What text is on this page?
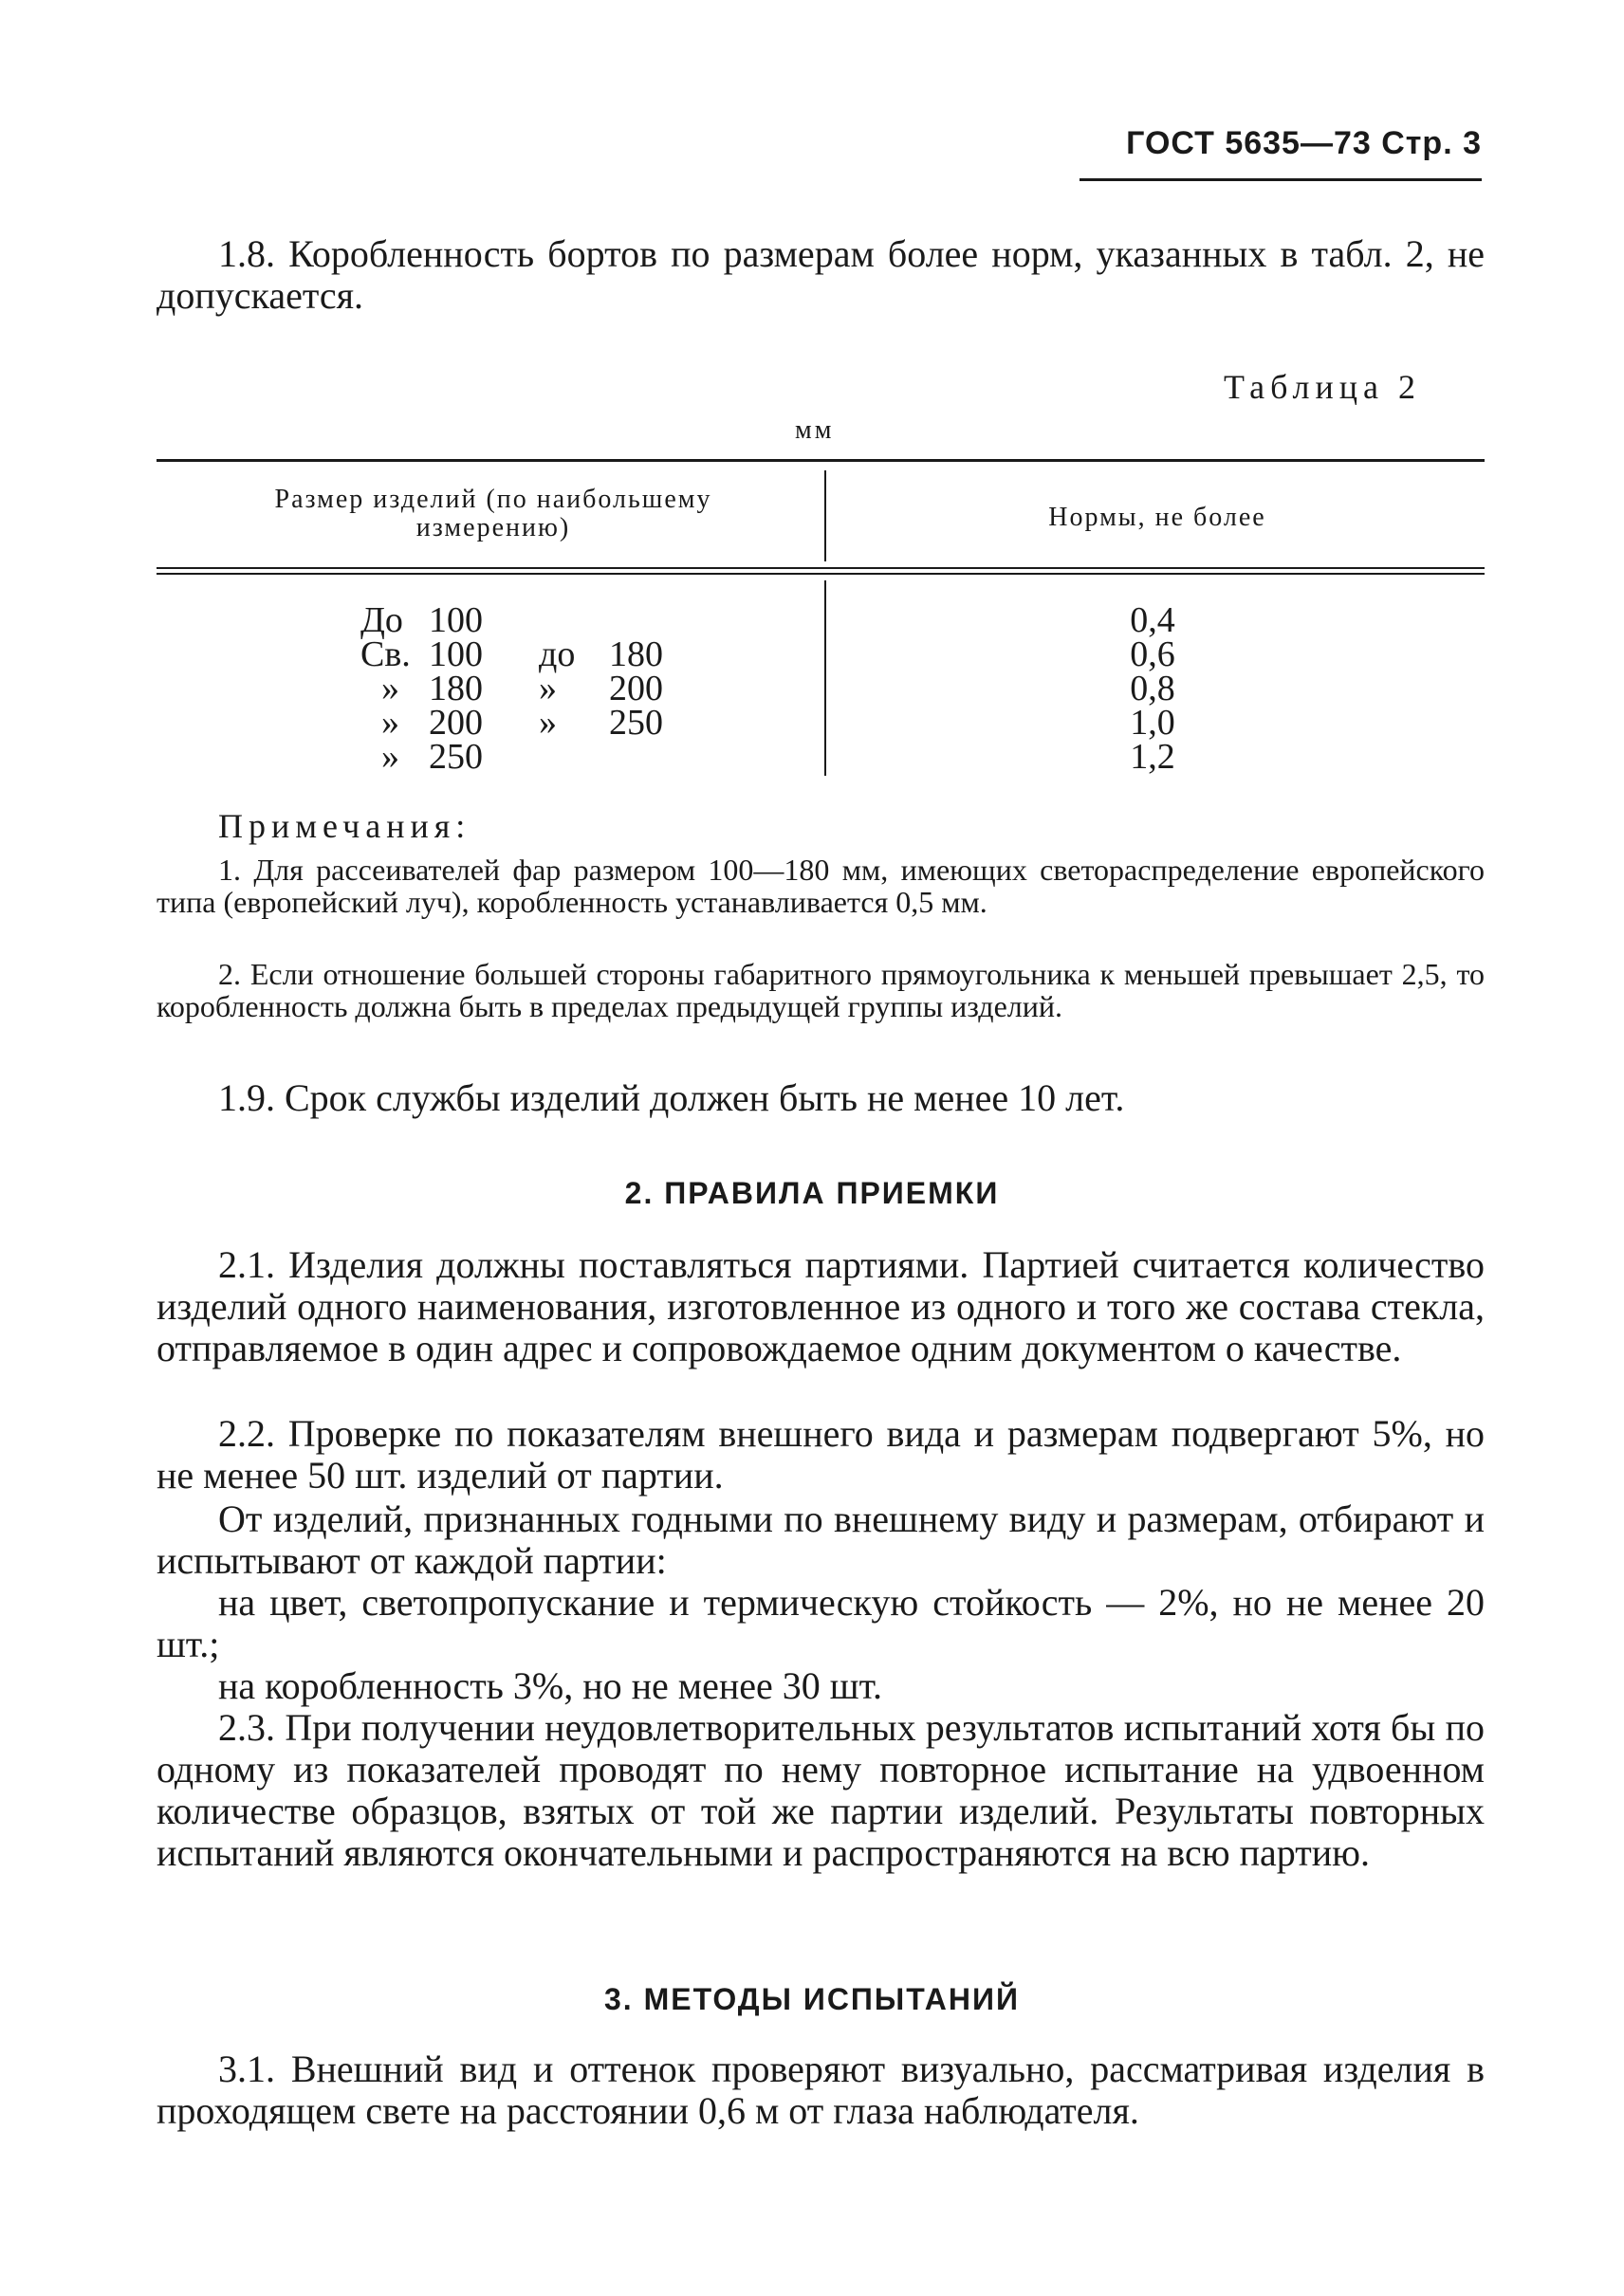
ГОСТ 5635—73 Стр. 3

1.8. Коробленность бортов по размерам более норм, указанных в табл. 2, не допускается.

Таблица 2
мм
Размер изделий (по наибольшему измерению)	Нормы, не более
До 100
Св. 100 до 180
» 180 » 200
» 200 » 250
» 250
0,4
0,6
0,8
1,0
1,2
Примечания:

1. Для рассеивателей фар размером 100—180 мм, имеющих светораспределение европейского типа (европейский луч), коробленность устанавливается 0,5 мм.

2. Если отношение большей стороны габаритного прямоугольника к меньшей превышает 2,5, то коробленность должна быть в пределах предыдущей группы изделий.

1.9. Срок службы изделий должен быть не менее 10 лет.

2. ПРАВИЛА ПРИЕМКИ

2.1. Изделия должны поставляться партиями. Партией считается количество изделий одного наименования, изготовленное из одного и того же состава стекла, отправляемое в один адрес и сопровождаемое одним документом о качестве.

2.2. Проверке по показателям внешнего вида и размерам подвергают 5%, но не менее 50 шт. изделий от партии.

От изделий, признанных годными по внешнему виду и размерам, отбирают и испытывают от каждой партии:

на цвет, светопропускание и термическую стойкость — 2%, но не менее 20 шт.;

на коробленность 3%, но не менее 30 шт.

2.3. При получении неудовлетворительных результатов испытаний хотя бы по одному из показателей проводят по нему повторное испытание на удвоенном количестве образцов, взятых от той же партии изделий. Результаты повторных испытаний являются окончательными и распространяются на всю партию.

3. МЕТОДЫ ИСПЫТАНИЙ

3.1. Внешний вид и оттенок проверяют визуально, рассматривая изделия в проходящем свете на расстоянии 0,6 м от глаза наблюдателя.
